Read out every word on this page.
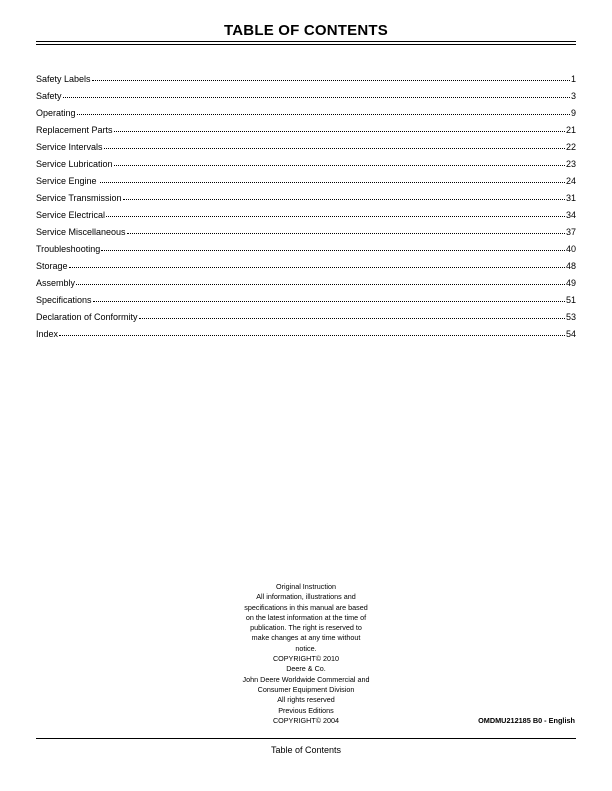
TABLE OF CONTENTS
Safety Labels	1
Safety	3
Operating	9
Replacement Parts	21
Service Intervals	22
Service Lubrication	23
Service Engine	24
Service Transmission	31
Service Electrical	34
Service Miscellaneous	37
Troubleshooting	40
Storage	48
Assembly	49
Specifications	51
Declaration of Conformity	53
Index	54
Original Instruction
All information, illustrations and
specifications in this manual are based
on the latest information at the time of
publication. The right is reserved to
make changes at any time without
notice.
COPYRIGHT© 2010
Deere & Co.
John Deere Worldwide Commercial and
Consumer Equipment Division
All rights reserved
Previous Editions
COPYRIGHT© 2004	OMDMU212185 B0 - English
Table of Contents
